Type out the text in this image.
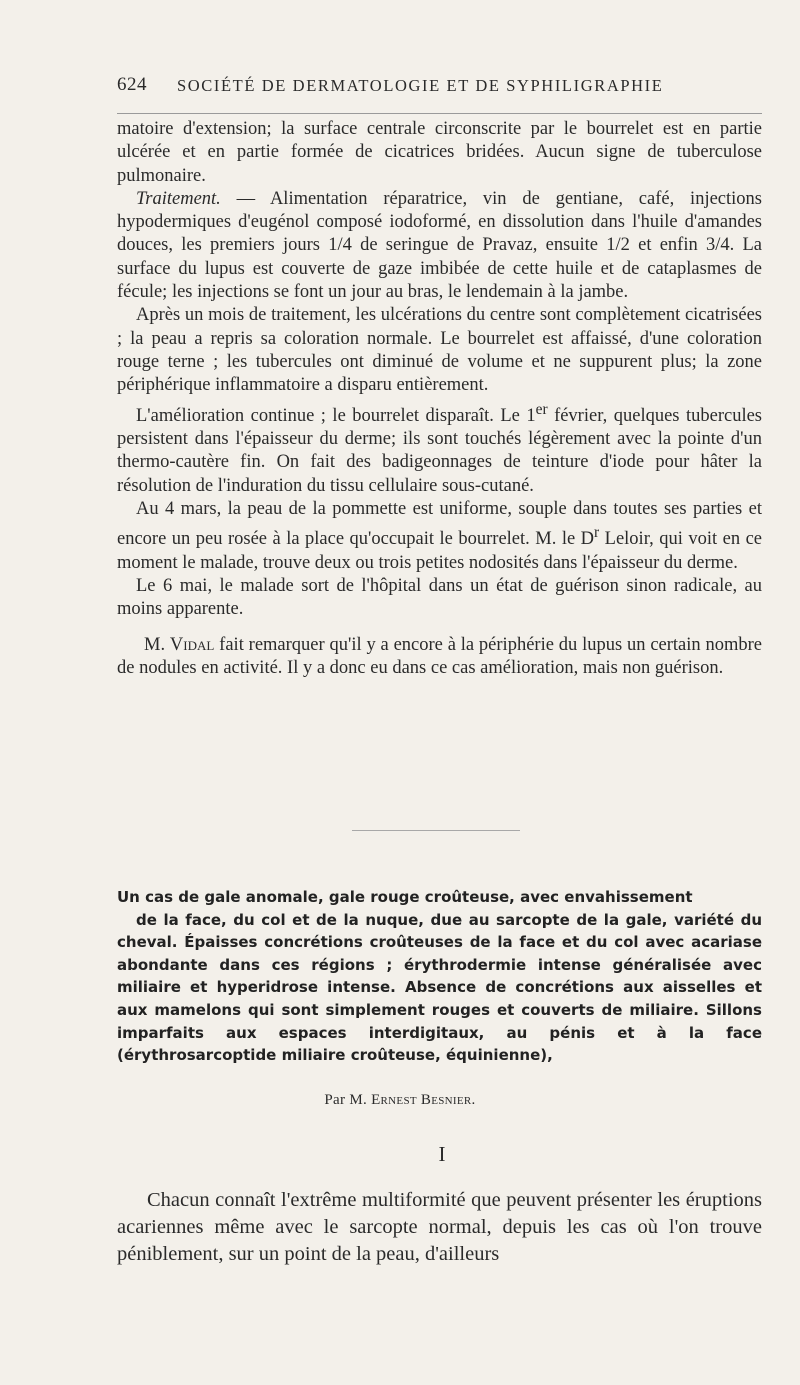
624 SOCIÉTÉ DE DERMATOLOGIE ET DE SYPHILIGRAPHIE

matoire d'extension; la surface centrale circonscrite par le bourrelet est en partie ulcérée et en partie formée de cicatrices bridées. Aucun signe de tuberculose pulmonaire.

Traitement. — Alimentation réparatrice, vin de gentiane, café, injections hypodermiques d'eugénol composé iodoformé, en dissolution dans l'huile d'amandes douces, les premiers jours 1/4 de seringue de Pravaz, ensuite 1/2 et enfin 3/4. La surface du lupus est couverte de gaze imbibée de cette huile et de cataplasmes de fécule; les injections se font un jour au bras, le lendemain à la jambe.

Après un mois de traitement, les ulcérations du centre sont complètement cicatrisées ; la peau a repris sa coloration normale. Le bourrelet est affaissé, d'une coloration rouge terne ; les tubercules ont diminué de volume et ne suppurent plus; la zone périphérique inflammatoire a disparu entièrement.

L'amélioration continue ; le bourrelet disparaît. Le 1er février, quelques tubercules persistent dans l'épaisseur du derme; ils sont touchés légèrement avec la pointe d'un thermo-cautère fin. On fait des badigeonnages de teinture d'iode pour hâter la résolution de l'induration du tissu cellulaire sous-cutané.

Au 4 mars, la peau de la pommette est uniforme, souple dans toutes ses parties et encore un peu rosée à la place qu'occupait le bourrelet. M. le $D^r$ Leloir, qui voit en ce moment le malade, trouve deux ou trois petites nodosités dans l'épaisseur du derme.

Le 6 mai, le malade sort de l'hôpital dans un état de guérison sinon radicale, au moins apparente.

M. Vidal fait remarquer qu'il y a encore à la périphérie du lupus un certain nombre de nodules en activité. Il y a donc eu dans ce cas amélioration, mais non guérison.

Un cas de gale anomale, gale rouge croûteuse, avec envahissement
de la face, du col et de la nuque, due au sarcopte de la gale, variété du cheval. Épaisses concrétions croûteuses de la face et du col avec acariase abondante dans ces régions ; érythrodermie intense généralisée avec miliaire et hyperidrose intense. Absence de concrétions aux aisselles et aux mamelons qui sont simplement rouges et couverts de miliaire. Sillons imparfaits aux espaces interdigitaux, au pénis et à la face (érythrosarcoptide miliaire croûteuse, équinienne),
Par M. Ernest Besnier.
I

Chacun connaît l'extrême multiformité que peuvent présenter les éruptions acariennes même avec le sarcopte normal, depuis les cas où l'on trouve péniblement, sur un point de la peau, d'ailleurs
